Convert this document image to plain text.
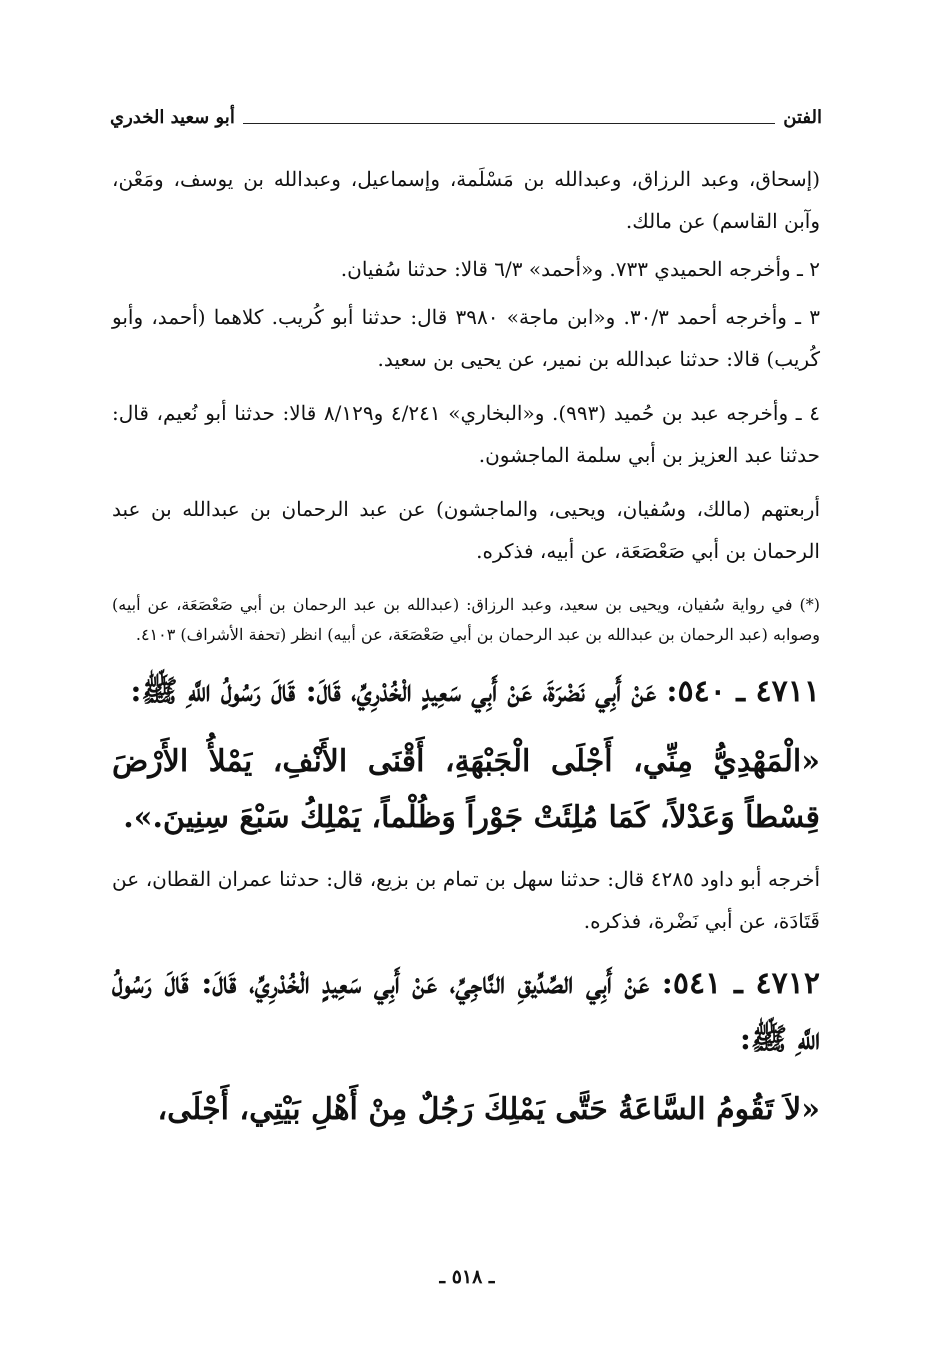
الفتن
أبو سعيد الخدري

(إسحاق، وعبد الرزاق، وعبدالله بن مَسْلَمة، وإسماعيل، وعبدالله بن يوسف، ومَعْن، وآبن القاسم) عن مالك.

٢ ـ وأخرجه الحميدي ٧٣٣. و«أحمد» ٦/٣ قالا: حدثنا سُفيان.

٣ ـ وأخرجه أحمد ٣٠/٣. و«ابن ماجة» ٣٩٨٠ قال: حدثنا أبو كُريب. كلاهما (أحمد، وأبو كُريب) قالا: حدثنا عبدالله بن نمير، عن يحيى بن سعيد.

٤ ـ وأخرجه عبد بن حُميد (٩٩٣). و«البخاري» ٤/٢٤١ و٨/١٢٩ قالا: حدثنا أبو نُعيم، قال: حدثنا عبد العزيز بن أبي سلمة الماجشون.

أربعتهم (مالك، وسُفيان، ويحيى، والماجشون) عن عبد الرحمان بن عبدالله بن عبد الرحمان بن أبي صَعْصَعَة، عن أبيه، فذكره.

(*) في رواية سُفيان، ويحيى بن سعيد، وعبد الرزاق: (عبدالله بن عبد الرحمان بن أبي صَعْصَعَة، عن أبيه) وصوابه (عبد الرحمان بن عبدالله بن عبد الرحمان بن أبي صَعْصَعَة، عن أبيه) انظر (تحفة الأشراف) ٤١٠٣.

٤٧١١ ـ ٥٤٠: عَنْ أَبِي نَضْرَةَ، عَنْ أَبِي سَعِيدٍ الْخُدْرِيِّ، قَالَ: قَالَ رَسُولُ اللَّهِ ﷺ:

«الْمَهْدِيُّ مِنِّي، أَجْلَى الْجَبْهَةِ، أَقْنَى الأَنْفِ، يَمْلأُ الأَرْضَ قِسْطاً وَعَدْلاً، كَمَا مُلِئَتْ جَوْراً وَظُلْماً، يَمْلِكُ سَبْعَ سِنِينَ.».

أخرجه أبو داود ٤٢٨٥ قال: حدثنا سهل بن تمام بن بزيع، قال: حدثنا عمران القطان، عن قَتَادَة، عن أبي نَضْرة، فذكره.

٤٧١٢ ـ ٥٤١: عَنْ أَبِي الصِّدِّيقِ النَّاجِيِّ، عَنْ أَبِي سَعِيدٍ الْخُدْرِيِّ، قَالَ: قَالَ رَسُولُ اللَّهِ ﷺ:

«لاَ تَقُومُ السَّاعَةُ حَتَّى يَمْلِكَ رَجُلٌ مِنْ أَهْلِ بَيْتِي، أَجْلَى،

ـ ٥١٨ ـ
